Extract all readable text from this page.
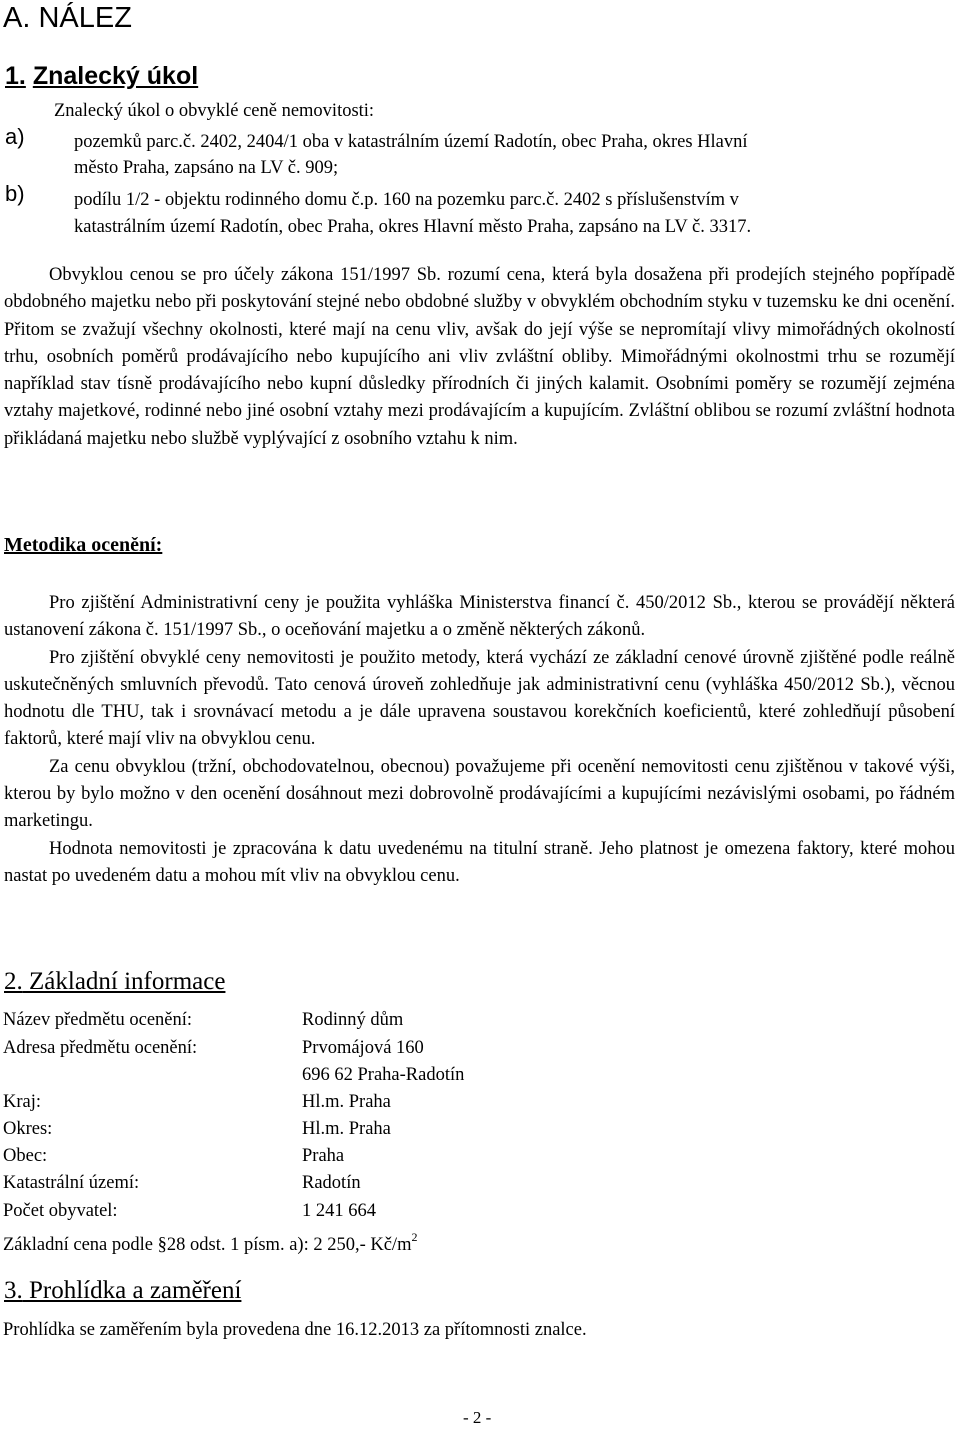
A. NÁLEZ
1. Znalecký úkol
Znalecký úkol o obvyklé ceně nemovitosti:
a)	pozemků parc.č. 2402, 2404/1 oba v katastrálním území Radotín, obec Praha, okres Hlavní
město Praha, zapsáno na LV č. 909;
b)	podílu 1/2 - objektu rodinného domu č.p. 160 na pozemku parc.č. 2402 s příslušenstvím v
katastrálním území Radotín, obec Praha, okres Hlavní město Praha, zapsáno na LV č. 3317.

Obvyklou cenou se pro účely zákona 151/1997 Sb. rozumí cena, která byla dosažena při prodejích stejného popřípadě obdobného majetku nebo při poskytování stejné nebo obdobné služby v obvyklém obchodním styku v tuzemsku ke dni ocenění. Přitom se zvažují všechny okolnosti, které mají na cenu vliv, avšak do její výše se nepromítají vlivy mimořádných okolností trhu, osobních poměrů prodávajícího nebo kupujícího ani vliv zvláštní obliby. Mimořádnými okolnostmi trhu se rozumějí například stav tísně prodávajícího nebo kupní důsledky přírodních či jiných kalamit. Osobními poměry se rozumějí zejména vztahy majetkové, rodinné nebo jiné osobní vztahy mezi prodávajícím a kupujícím. Zvláštní oblibou se rozumí zvláštní hodnota přikládaná majetku nebo službě vyplývající z osobního vztahu k nim.

Metodika ocenění:

Pro zjištění Administrativní ceny je použita vyhláška Ministerstva financí č. 450/2012 Sb., kterou se provádějí některá ustanovení zákona č. 151/1997 Sb., o oceňování majetku a o změně některých zákonů.

Pro zjištění obvyklé ceny nemovitosti je použito metody, která vychází ze základní cenové úrovně zjištěné podle reálně uskutečněných smluvních převodů. Tato cenová úroveň zohledňuje jak administrativní cenu (vyhláška 450/2012 Sb.), věcnou hodnotu dle THU, tak i srovnávací metodu a je dále upravena soustavou korekčních koeficientů, které zohledňují působení faktorů, které mají vliv na obvyklou cenu.

Za cenu obvyklou (tržní, obchodovatelnou, obecnou) považujeme při ocenění nemovitosti cenu zjištěnou v takové výši, kterou by bylo možno v den ocenění dosáhnout mezi dobrovolně prodávajícími a kupujícími nezávislými osobami, po řádném marketingu.

Hodnota nemovitosti je zpracována k datu uvedenému na titulní straně. Jeho platnost je omezena faktory, které mohou nastat po uvedeném datu a mohou mít vliv na obvyklou cenu.

2. Základní informace
Název předmětu ocenění:	Rodinný dům
Adresa předmětu ocenění:	Prvomájová 160
696 62 Praha-Radotín
Kraj:	Hl.m. Praha
Okres:	Hl.m. Praha
Obec:	Praha
Katastrální území:	Radotín
Počet obyvatel:	1 241 664
Základní cena podle §28 odst. 1 písm. a): 2 250,- $Kč/m^2$
3. Prohlídka a zaměření
Prohlídka se zaměřením byla provedena dne 16.12.2013 za přítomnosti znalce.
- 2 -
